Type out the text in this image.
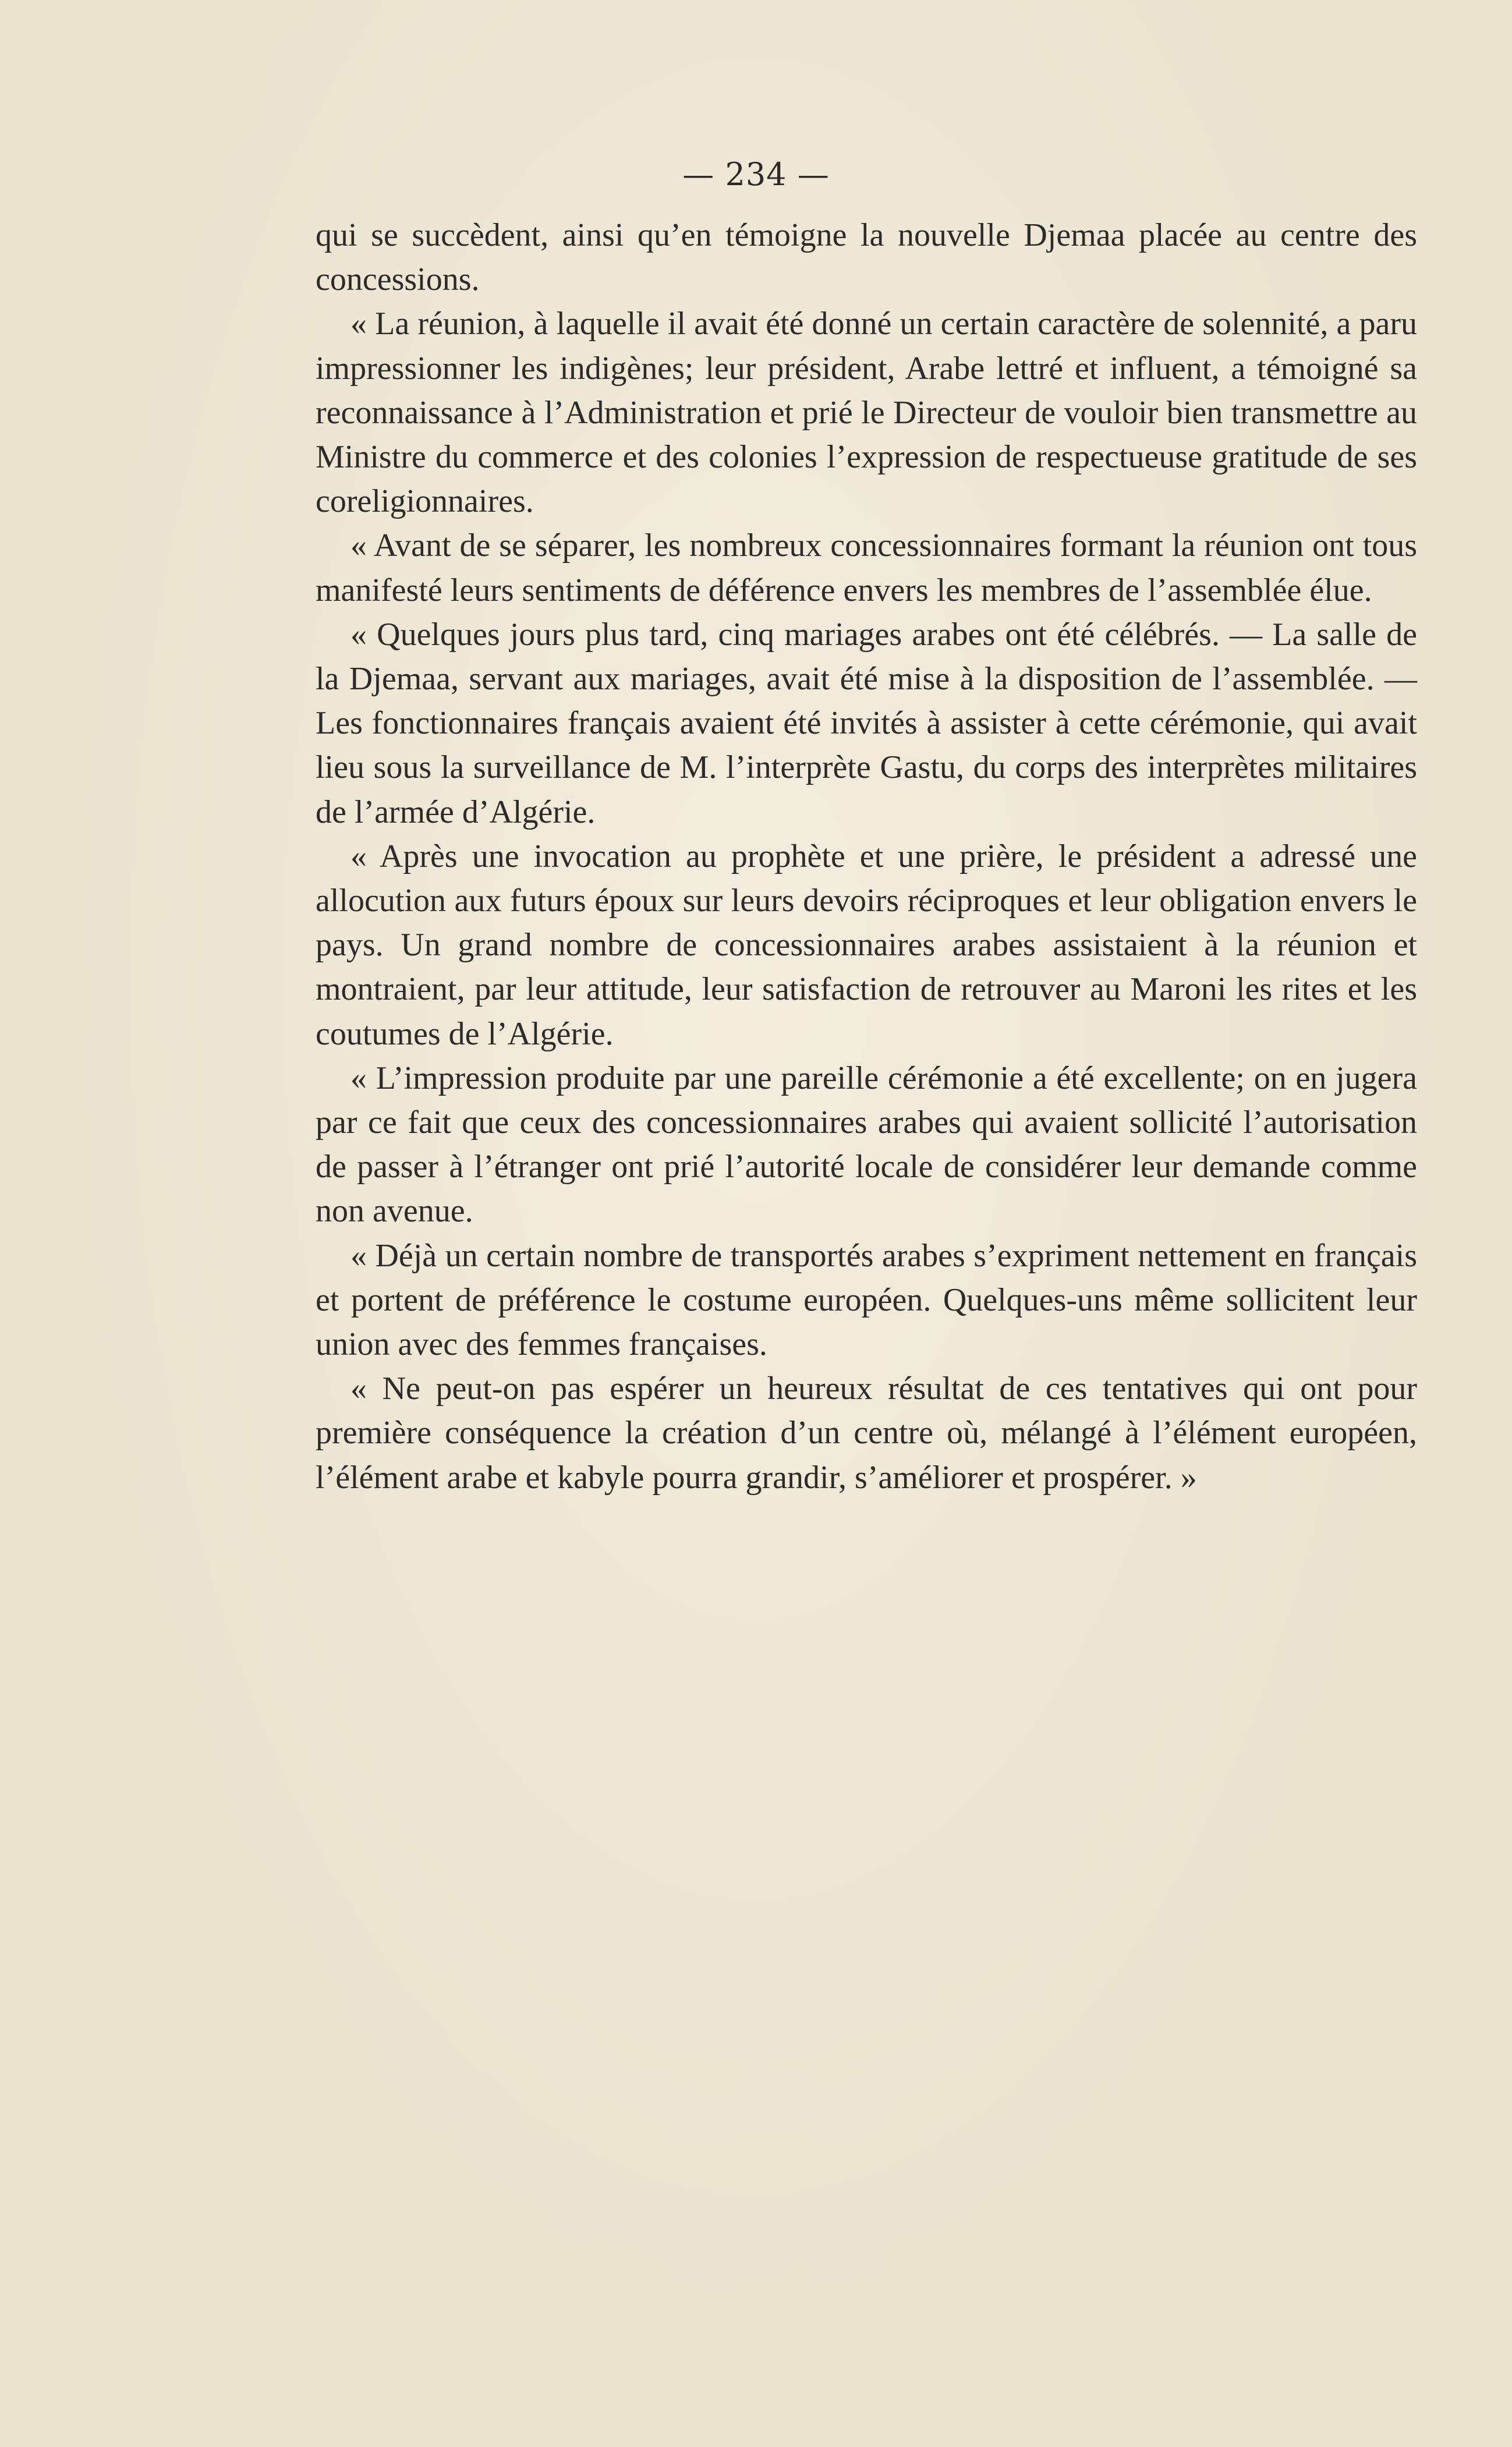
— 234 —

qui se succèdent, ainsi qu’en témoigne la nouvelle Djemaa placée au centre des concessions.

« La réunion, à laquelle il avait été donné un certain caractère de solennité, a paru impressionner les indigènes; leur président, Arabe lettré et influent, a témoigné sa reconnaissance à l’Administration et prié le Directeur de vouloir bien transmettre au Ministre du commerce et des colonies l’expression de respectueuse gratitude de ses coreligionnaires.

« Avant de se séparer, les nombreux concessionnaires formant la réunion ont tous manifesté leurs sentiments de déférence envers les membres de l’assemblée élue.

« Quelques jours plus tard, cinq mariages arabes ont été célébrés. — La salle de la Djemaa, servant aux mariages, avait été mise à la disposition de l’assemblée. — Les fonctionnaires français avaient été invités à assister à cette cérémonie, qui avait lieu sous la surveillance de M. l’interprète Gastu, du corps des interprètes militaires de l’armée d’Algérie.

« Après une invocation au prophète et une prière, le président a adressé une allocution aux futurs époux sur leurs devoirs réciproques et leur obligation envers le pays. Un grand nombre de concessionnaires arabes assistaient à la réunion et montraient, par leur attitude, leur satisfaction de retrouver au Maroni les rites et les coutumes de l’Algérie.

« L’impression produite par une pareille cérémonie a été excellente; on en jugera par ce fait que ceux des concessionnaires arabes qui avaient sollicité l’autorisation de passer à l’étranger ont prié l’autorité locale de considérer leur demande comme non avenue.

« Déjà un certain nombre de transportés arabes s’expriment nettement en français et portent de préférence le costume européen. Quelques-uns même sollicitent leur union avec des femmes françaises.

« Ne peut-on pas espérer un heureux résultat de ces tentatives qui ont pour première conséquence la création d’un centre où, mélangé à l’élément européen, l’élément arabe et kabyle pourra grandir, s’améliorer et prospérer. »
